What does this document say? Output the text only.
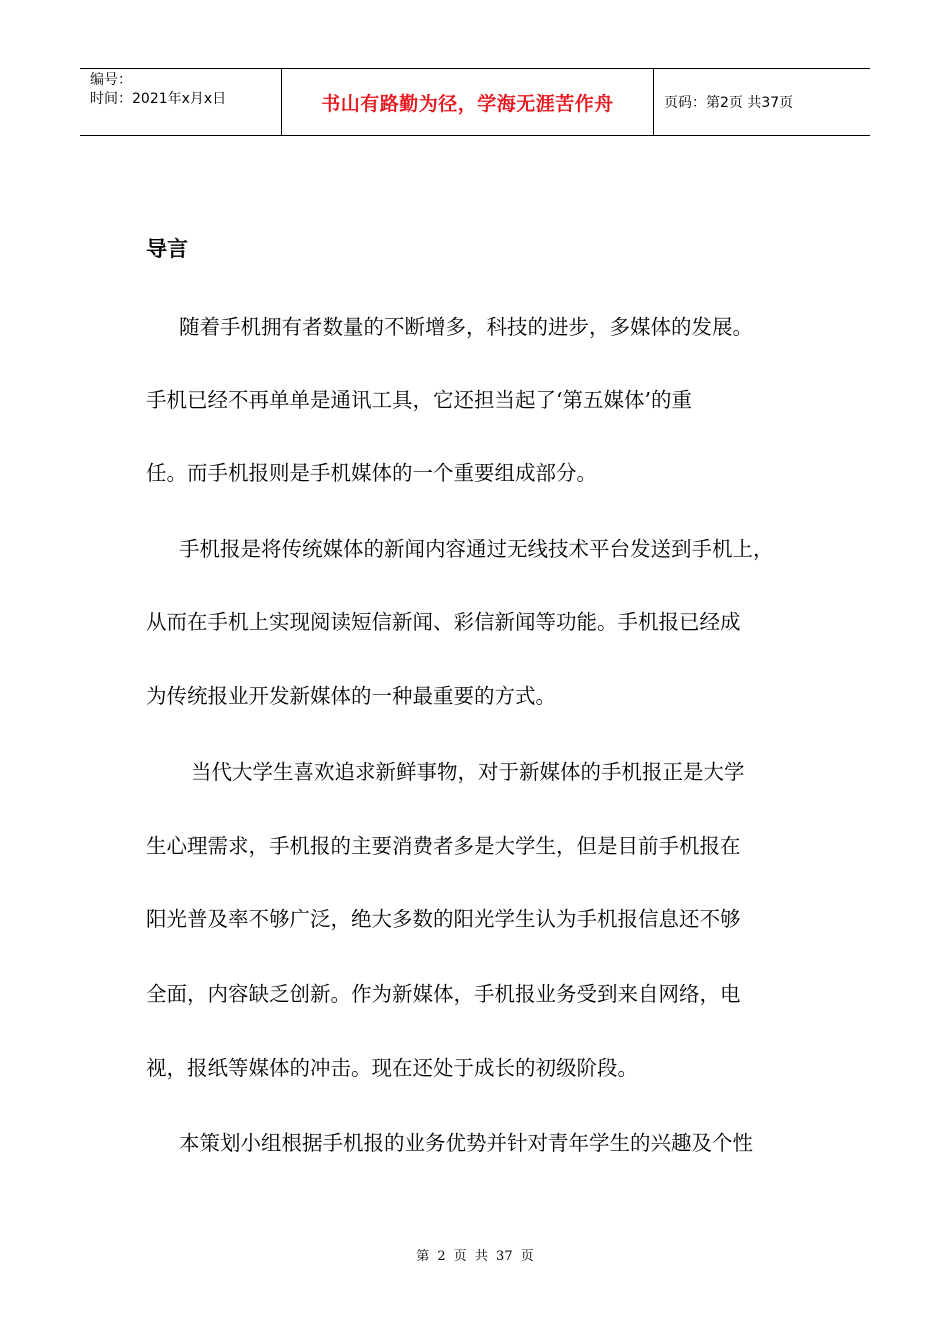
编号：
时间：2021年x月x日	书山有路勤为径，学海无涯苦作舟	页码：第2页 共37页
导言
随着手机拥有者数量的不断增多，科技的进步，多媒体的发展。
手机已经不再单单是通讯工具，它还担当起了‘第五媒体’的重
任。而手机报则是手机媒体的一个重要组成部分。
手机报是将传统媒体的新闻内容通过无线技术平台发送到手机上，
从而在手机上实现阅读短信新闻、彩信新闻等功能。手机报已经成
为传统报业开发新媒体的一种最重要的方式。
当代大学生喜欢追求新鲜事物，对于新媒体的手机报正是大学
生心理需求，手机报的主要消费者多是大学生，但是目前手机报在
阳光普及率不够广泛，绝大多数的阳光学生认为手机报信息还不够
全面，内容缺乏创新。作为新媒体，手机报业务受到来自网络，电
视，报纸等媒体的冲击。现在还处于成长的初级阶段。
本策划小组根据手机报的业务优势并针对青年学生的兴趣及个性
第 2 页 共 37 页
